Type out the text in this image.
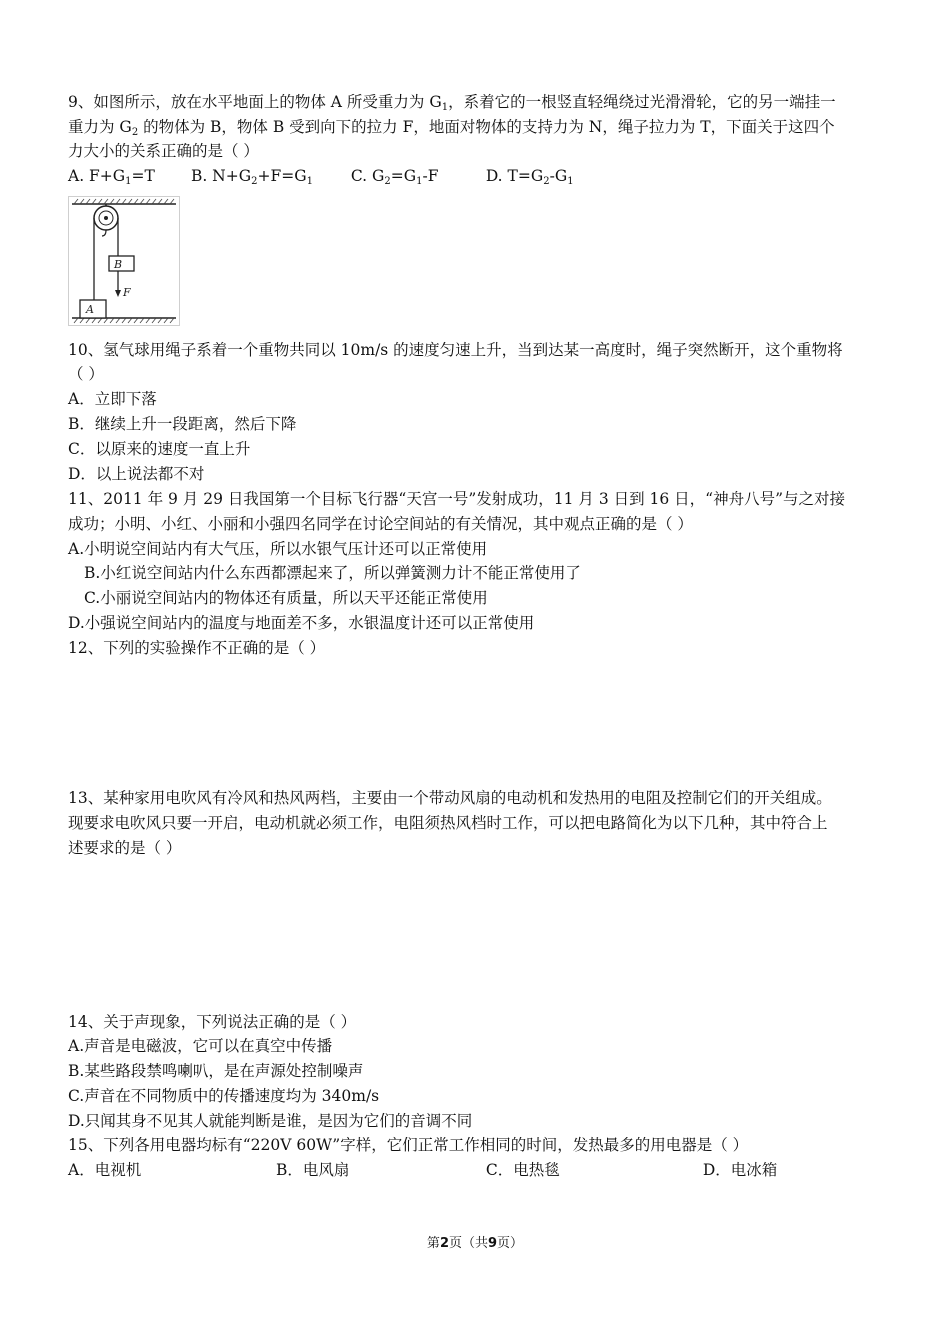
9、如图所示，放在水平地面上的物体 A 所受重力为 $G_1$，系着它的一根竖直轻绳绕过光滑滑轮，它的另一端挂一
重力为 $G_2$ 的物体为 B，物体 B 受到向下的拉力 F，地面对物体的支持力为 N，绳子拉力为 T，下面关于这四个
力大小的关系正确的是（ ）
A. $F+G_1=T$ B. $N+G_2+F=G_1$ C. $G_2=G_1-F$	D. $T=G_2-G_1$
B
F
A
10、氢气球用绳子系着一个重物共同以 10m/s 的速度匀速上升，当到达某一高度时，绳子突然断开，这个重物将
（ ）
A．立即下落
B．继续上升一段距离，然后下降
C．以原来的速度一直上升
D．以上说法都不对
11、2011 年 9 月 29 日我国第一个目标飞行器“天宫一号”发射成功，11 月 3 日到 16 日，“神舟八号”与之对接
成功；小明、小红、小丽和小强四名同学在讨论空间站的有关情况，其中观点正确的是（ ）
A.小明说空间站内有大气压，所以水银气压计还可以正常使用
B.小红说空间站内什么东西都漂起来了，所以弹簧测力计不能正常使用了
C.小丽说空间站内的物体还有质量，所以天平还能正常使用
D.小强说空间站内的温度与地面差不多，水银温度计还可以正常使用
12、下列的实验操作不正确的是（ ）
13、某种家用电吹风有冷风和热风两档，主要由一个带动风扇的电动机和发热用的电阻及控制它们的开关组成。
现要求电吹风只要一开启，电动机就必须工作，电阻须热风档时工作，可以把电路简化为以下几种，其中符合上
述要求的是（ ）
14、关于声现象，下列说法正确的是（ ）
A.声音是电磁波，它可以在真空中传播
B.某些路段禁鸣喇叭，是在声源处控制噪声
C.声音在不同物质中的传播速度均为 340m/s
D.只闻其身不见其人就能判断是谁，是因为它们的音调不同
15、下列各用电器均标有“220V 60W”字样，它们正常工作相同的时间，发热最多的用电器是（ ）
A．电视机	B．电风扇	C．电热毯	D．电冰箱
第2页（共9页）
